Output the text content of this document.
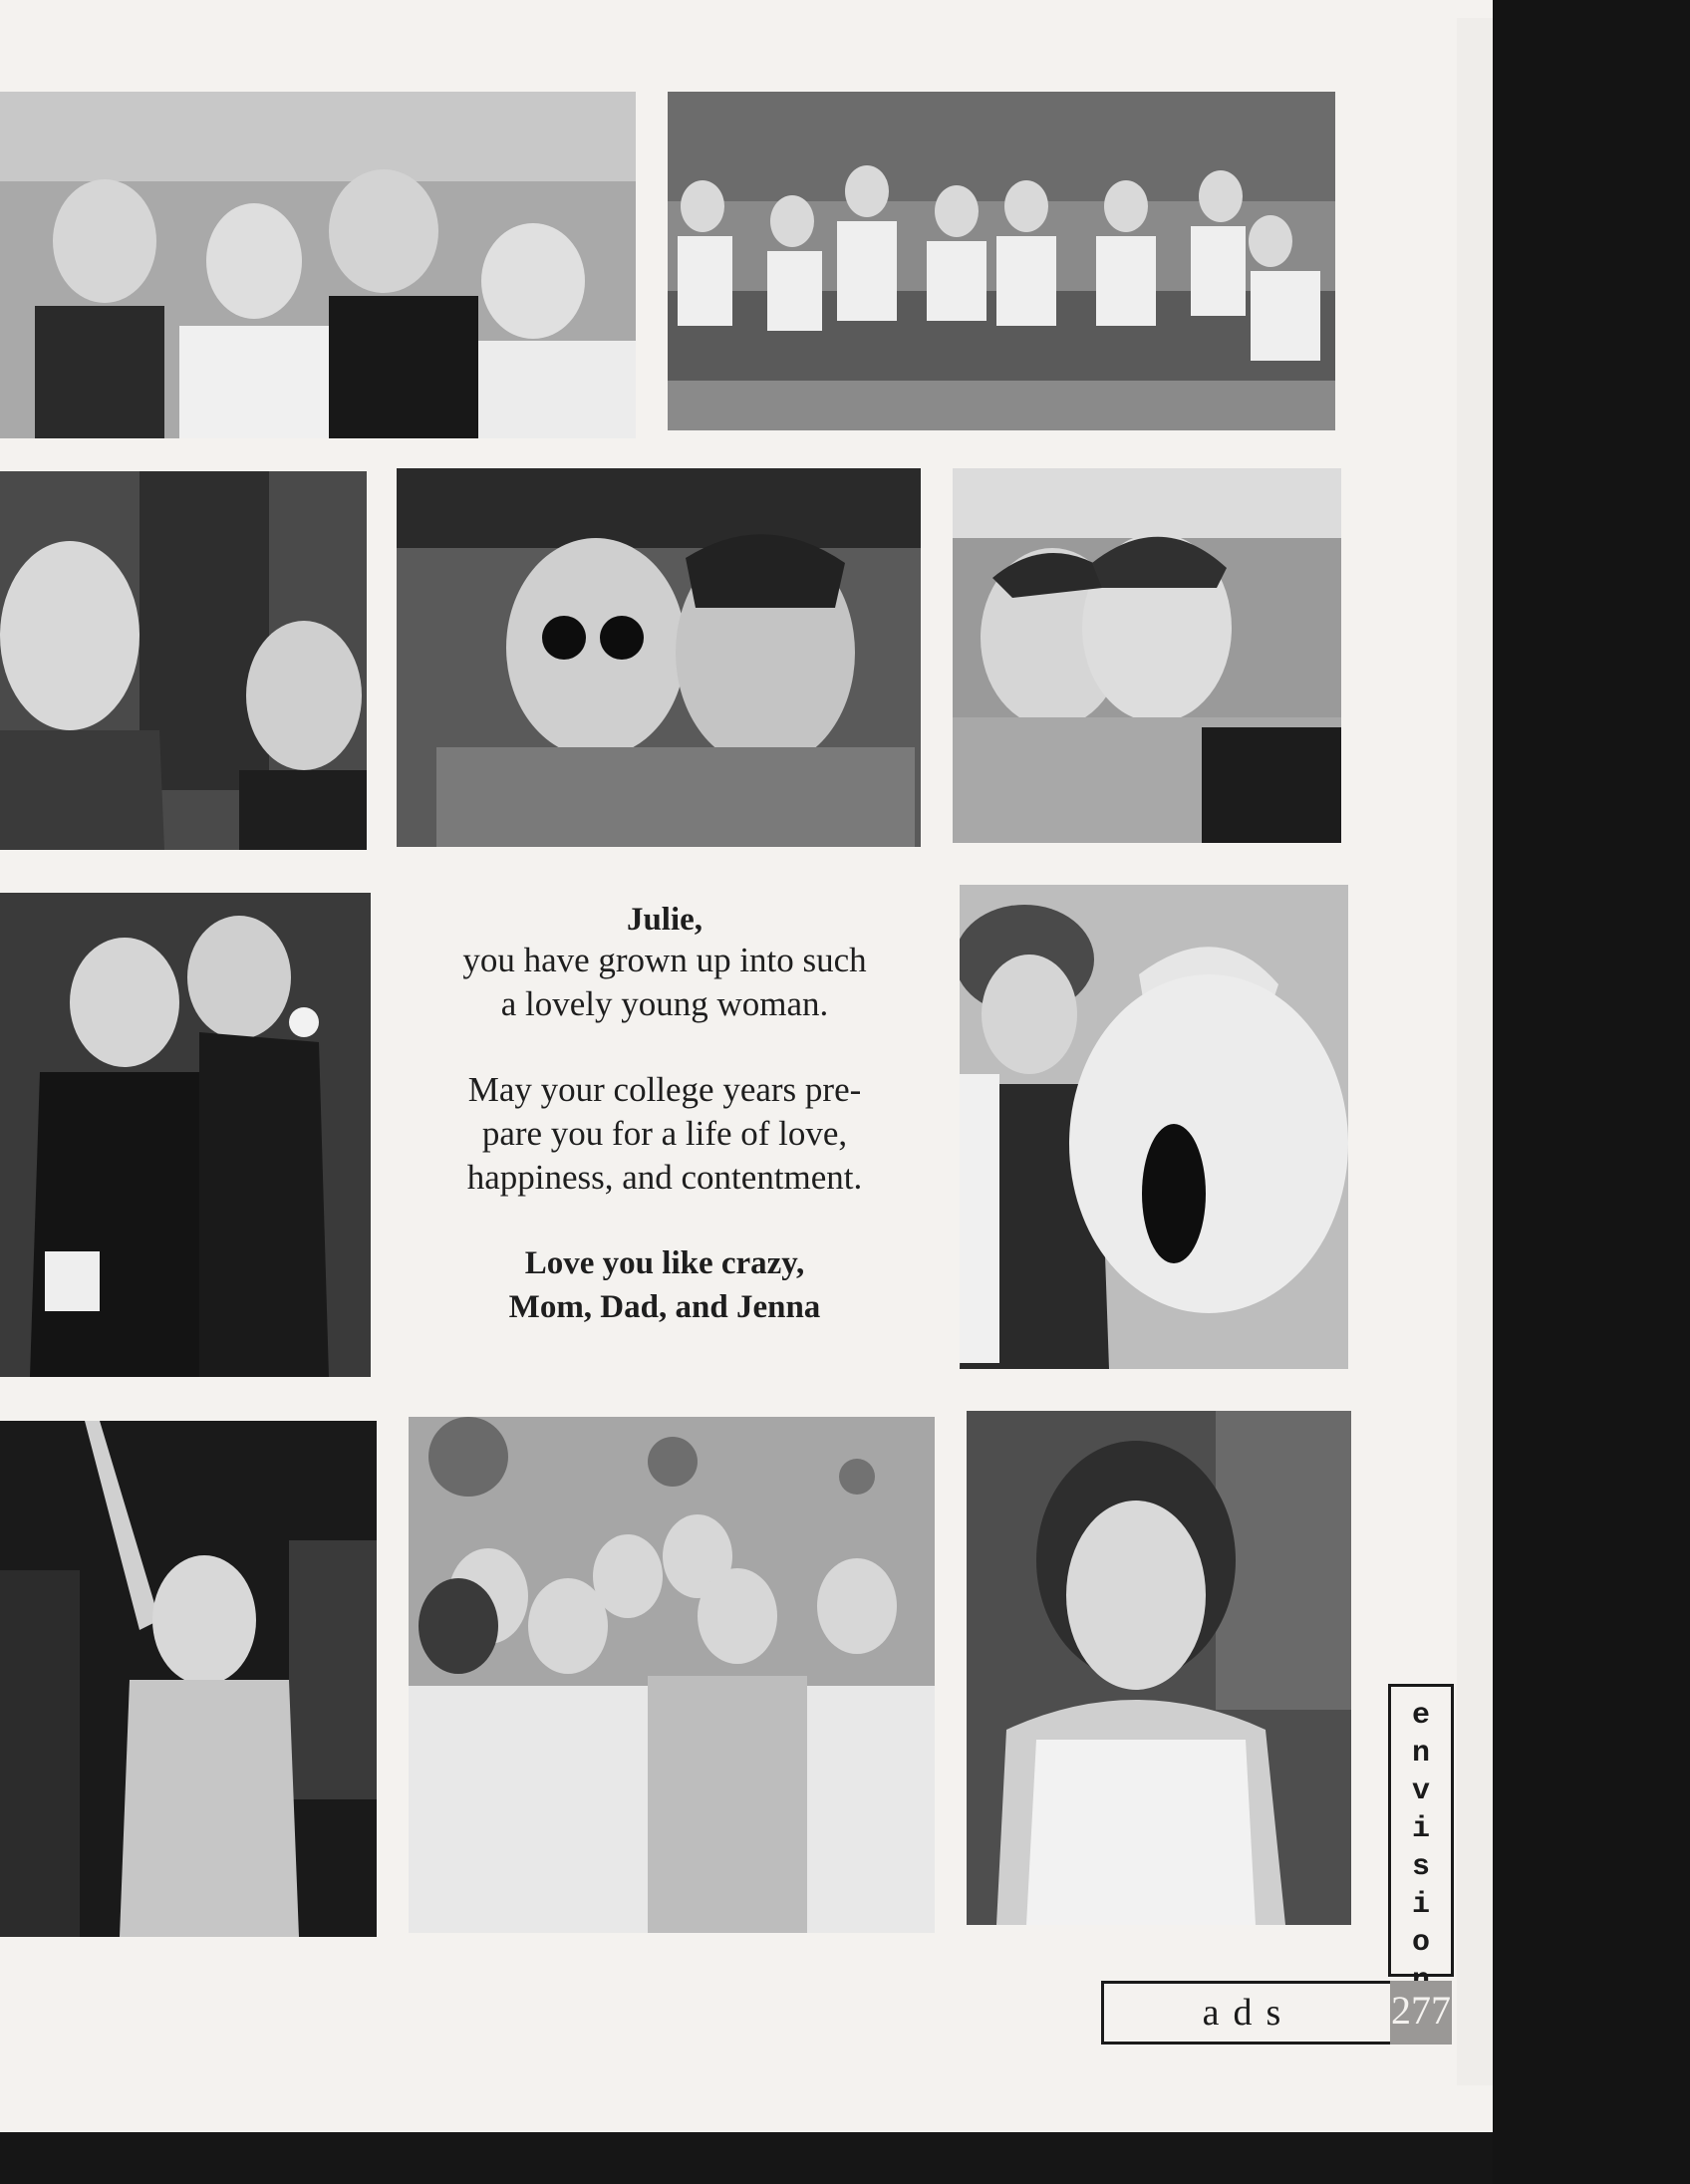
Julie,
you have grown up into such
a lovely young woman.
May your college years pre-
pare you for a life of love,
happiness, and contentment.
Love you like crazy,
Mom, Dad, and Jenna
e
n
v
i
s
i
o
ads	277
